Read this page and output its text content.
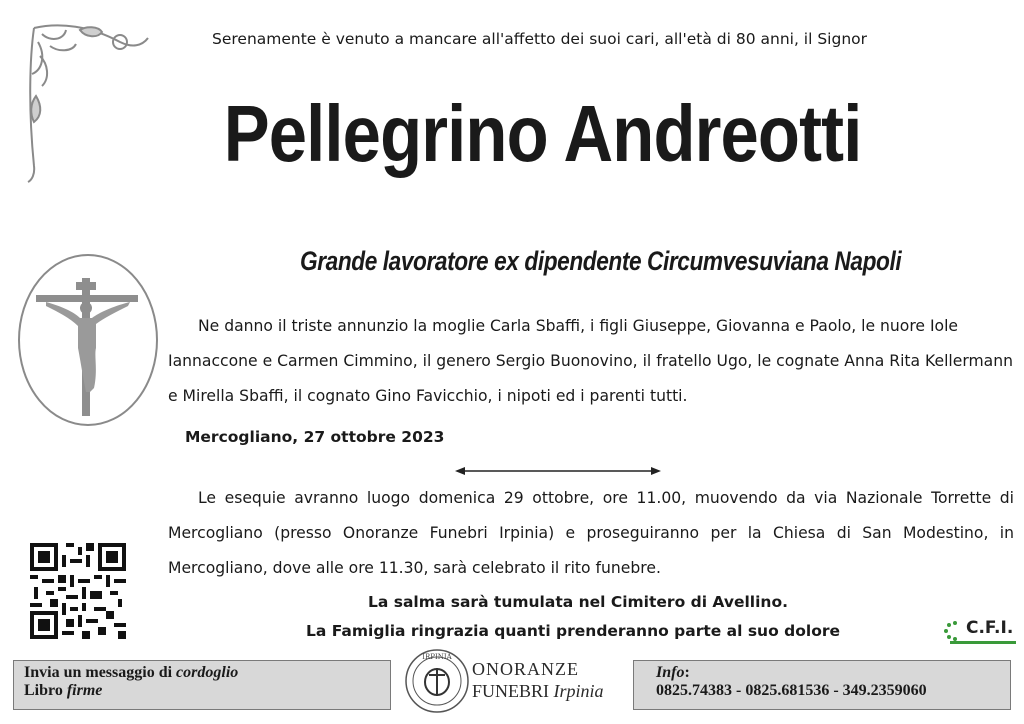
Serenamente è venuto a mancare all'affetto dei suoi cari, all'età di 80 anni, il Signor
Pellegrino Andreotti
Grande lavoratore ex dipendente Circumvesuviana Napoli
Ne danno il triste annunzio la moglie Carla Sbaffi, i figli Giuseppe, Giovanna e Paolo, le nuore Iole Iannaccone e Carmen Cimmino, il genero Sergio Buonovino, il fratello Ugo, le cognate Anna Rita Kellermann e Mirella Sbaffi, il cognato Gino Favicchio, i nipoti ed i parenti tutti.
Mercogliano, 27 ottobre 2023
Le esequie avranno luogo domenica 29 ottobre, ore 11.00, muovendo da via Nazionale Torrette di Mercogliano (presso Onoranze Funebri Irpinia) e proseguiranno per la Chiesa di San Modestino, in Mercogliano, dove alle ore 11.30, sarà celebrato il rito funebre.
La salma sarà tumulata nel Cimitero di Avellino.
La Famiglia ringrazia quanti prenderanno parte al suo dolore	C.F.I.
Invia un messaggio di cordoglio
Libro firme
IRPINIA
ONORANZE
FUNEBRI Irpinia
Info:
0825.74383 - 0825.681536 - 349.2359060
